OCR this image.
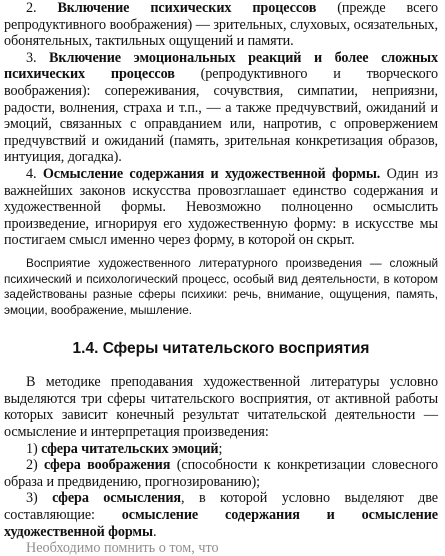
2. Включение психических процессов (прежде всего репродуктивного воображения) — зрительных, слуховых, осязательных, обонятельных, тактильных ощущений и памяти.

3. Включение эмоциональных реакций и более сложных психических процессов (репродуктивного и творческого воображения): сопереживания, сочувствия, симпатии, неприязни, радости, волнения, страха и т.п., — а также предчувствий, ожиданий и эмоций, связанных с оправданием или, напротив, с опровержением предчувствий и ожиданий (память, зрительная конкретизация образов, интуиция, догадка).

4. Осмысление содержания и художественной формы. Один из важнейших законов искусства провозглашает единство содержания и художественной формы. Невозможно полноценно осмыслить произведение, игнорируя его художественную форму: в искусстве мы постигаем смысл именно через форму, в которой он скрыт.

Восприятие художественного литературного произведения — сложный психический и психологический процесс, особый вид деятельности, в котором задействованы разные сферы психики: речь, внимание, ощущения, память, эмоции, воображение, мышление.

1.4. Сферы читательского восприятия

В методике преподавания художественной литературы условно выделяются три сферы читательского восприятия, от активной работы которых зависит конечный результат читательской деятельности — осмысление и интерпретация произведения:

1) сфера читательских эмоций;

2) сфера воображения (способности к конкретизации словесного образа и предвидению, прогнозированию);

3) сфера осмысления, в которой условно выделяют две составляющие: осмысление содержания и осмысление художественной формы.

Необходимо помнить о том, что
